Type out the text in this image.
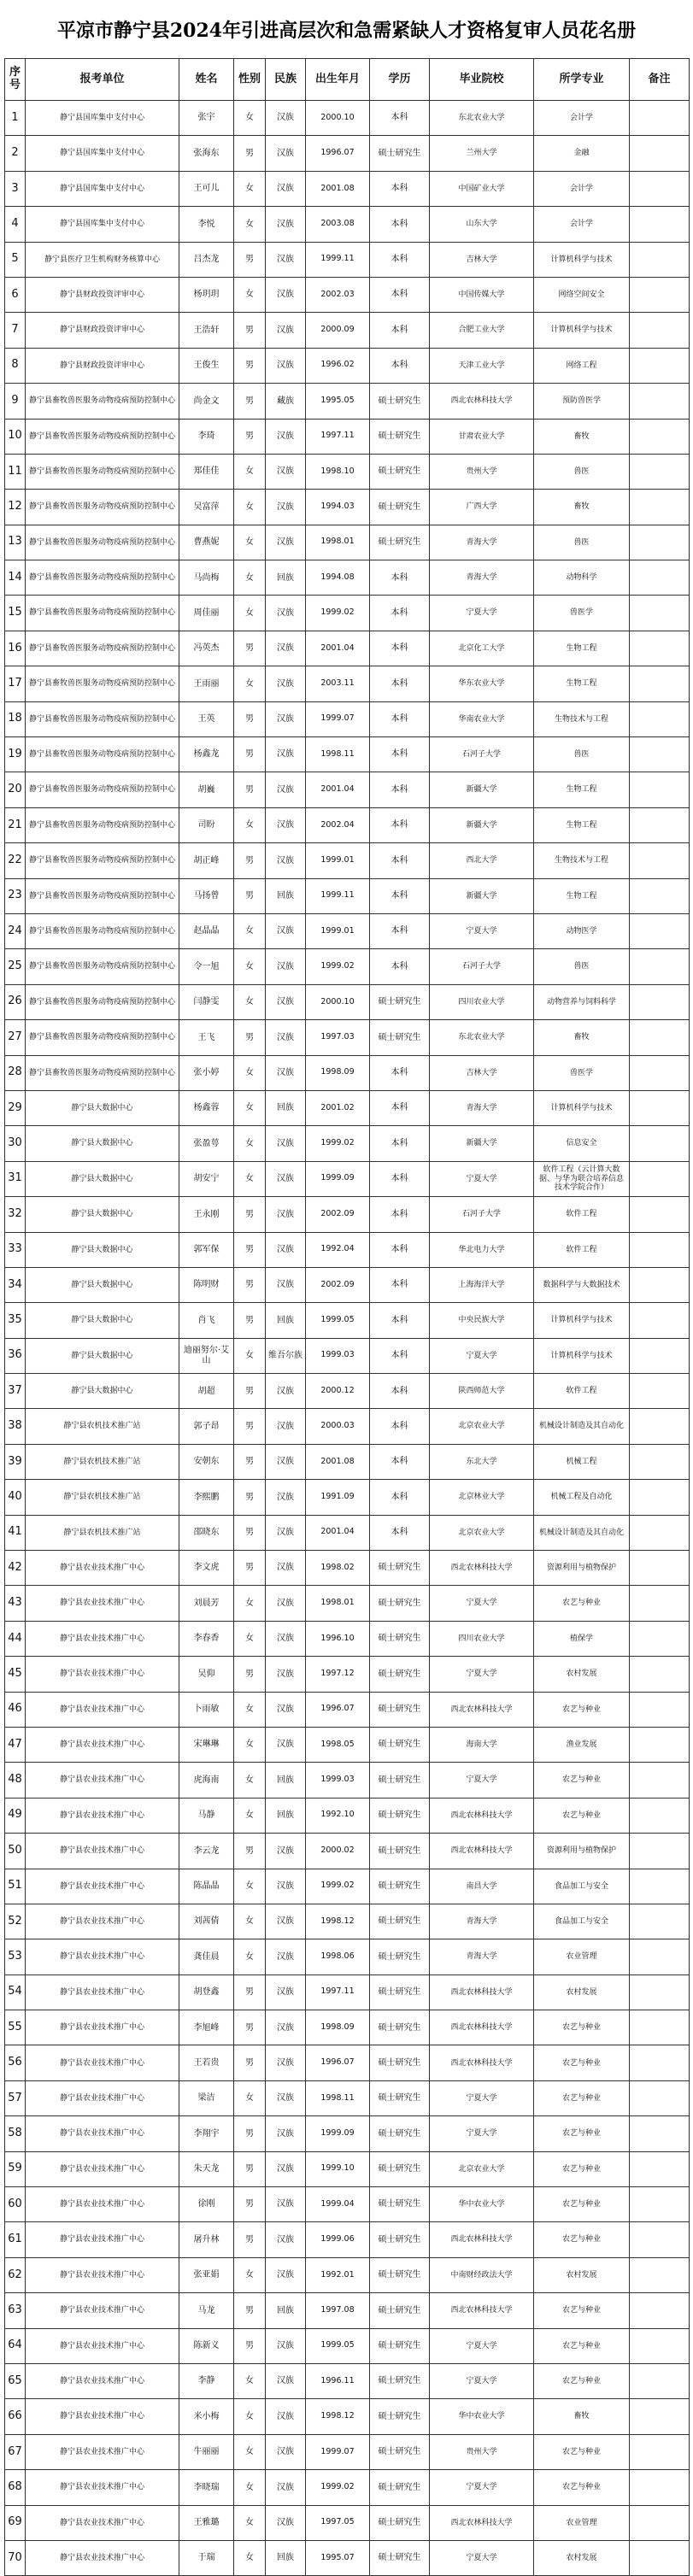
平凉市静宁县2024年引进高层次和急需紧缺人才资格复审人员花名册
序号	报考单位	姓名	性别	民族	出生年月	学历	毕业院校	所学专业	备注
1	静宁县国库集中支付中心	张宇	女	汉族	2000.10	本科	东北农业大学	会计学	
2	静宁县国库集中支付中心	张海东	男	汉族	1996.07	硕士研究生	兰州大学	金融	
3	静宁县国库集中支付中心	王可儿	女	汉族	2001.08	本科	中国矿业大学	会计学	
4	静宁县国库集中支付中心	李悦	女	汉族	2003.08	本科	山东大学	会计学	
5	静宁县医疗卫生机构财务核算中心	吕杰龙	男	汉族	1999.11	本科	吉林大学	计算机科学与技术	
6	静宁县财政投资评审中心	杨玥玥	女	汉族	2002.03	本科	中国传媒大学	网络空间安全	
7	静宁县财政投资评审中心	王浩轩	男	汉族	2000.09	本科	合肥工业大学	计算机科学与技术	
8	静宁县财政投资评审中心	王俊生	男	汉族	1996.02	本科	天津工业大学	网络工程	
9	静宁县畜牧兽医服务动物疫病预防控制中心	尚金文	男	藏族	1995.05	硕士研究生	西北农林科技大学	预防兽医学	
10	静宁县畜牧兽医服务动物疫病预防控制中心	李琦	男	汉族	1997.11	硕士研究生	甘肃农业大学	畜牧	
11	静宁县畜牧兽医服务动物疫病预防控制中心	郑佳佳	女	汉族	1998.10	硕士研究生	贵州大学	兽医	
12	静宁县畜牧兽医服务动物疫病预防控制中心	吴富萍	女	汉族	1994.03	硕士研究生	广西大学	畜牧	
13	静宁县畜牧兽医服务动物疫病预防控制中心	曹燕妮	女	汉族	1998.01	硕士研究生	青海大学	兽医	
14	静宁县畜牧兽医服务动物疫病预防控制中心	马尚梅	女	回族	1994.08	本科	青海大学	动物科学	
15	静宁县畜牧兽医服务动物疫病预防控制中心	周佳丽	女	汉族	1999.02	本科	宁夏大学	兽医学	
16	静宁县畜牧兽医服务动物疫病预防控制中心	冯英杰	男	汉族	2001.04	本科	北京化工大学	生物工程	
17	静宁县畜牧兽医服务动物疫病预防控制中心	王雨丽	女	汉族	2003.11	本科	华东农业大学	生物工程	
18	静宁县畜牧兽医服务动物疫病预防控制中心	王英	男	汉族	1999.07	本科	华南农业大学	生物技术与工程	
19	静宁县畜牧兽医服务动物疫病预防控制中心	杨鑫龙	男	汉族	1998.11	本科	石河子大学	兽医	
20	静宁县畜牧兽医服务动物疫病预防控制中心	胡巍	男	汉族	2001.04	本科	新疆大学	生物工程	
21	静宁县畜牧兽医服务动物疫病预防控制中心	司盼	女	汉族	2002.04	本科	新疆大学	生物工程	
22	静宁县畜牧兽医服务动物疫病预防控制中心	胡正峰	男	汉族	1999.01	本科	西北大学	生物技术与工程	
23	静宁县畜牧兽医服务动物疫病预防控制中心	马扬曾	男	回族	1999.11	本科	新疆大学	生物工程	
24	静宁县畜牧兽医服务动物疫病预防控制中心	赵晶晶	女	汉族	1999.01	本科	宁夏大学	动物医学	
25	静宁县畜牧兽医服务动物疫病预防控制中心	令一旭	女	汉族	1999.02	本科	石河子大学	兽医	
26	静宁县畜牧兽医服务动物疫病预防控制中心	闫静雯	女	汉族	2000.10	硕士研究生	四川农业大学	动物营养与饲料科学	
27	静宁县畜牧兽医服务动物疫病预防控制中心	王飞	男	汉族	1997.03	硕士研究生	东北农业大学	畜牧	
28	静宁县畜牧兽医服务动物疫病预防控制中心	张小婷	女	汉族	1998.09	本科	吉林大学	兽医学	
29	静宁县大数据中心	杨鑫蓉	女	回族	2001.02	本科	青海大学	计算机科学与技术	
30	静宁县大数据中心	张盈萼	女	汉族	1999.02	本科	新疆大学	信息安全	
31	静宁县大数据中心	胡安宁	女	汉族	1999.09	本科	宁夏大学	软件工程（云计算大数据、与华为联合培养信息技术学院合作）	
32	静宁县大数据中心	王永刚	男	汉族	2002.09	本科	石河子大学	软件工程	
33	静宁县大数据中心	郭军保	男	汉族	1992.04	本科	华北电力大学	软件工程	
34	静宁县大数据中心	陈明财	男	汉族	2002.09	本科	上海海洋大学	数据科学与大数据技术	
35	静宁县大数据中心	肖飞	男	回族	1999.05	本科	中央民族大学	计算机科学与技术	
36	静宁县大数据中心	迪丽努尔·艾山	女	维吾尔族	1999.03	本科	宁夏大学	计算机科学与技术	
37	静宁县大数据中心	胡超	男	汉族	2000.12	本科	陕西师范大学	软件工程	
38	静宁县农机技术推广站	郭子昂	男	汉族	2000.03	本科	北京农业大学	机械设计制造及其自动化	
39	静宁县农机技术推广站	安朝东	男	汉族	2001.08	本科	东北大学	机械工程	
40	静宁县农机技术推广站	李熙鹏	男	汉族	1991.09	本科	北京林业大学	机械工程及自动化	
41	静宁县农机技术推广站	邵晓东	男	汉族	2001.04	本科	北京农业大学	机械设计制造及其自动化	
42	静宁县农业技术推广中心	李文虎	男	汉族	1998.02	硕士研究生	西北农林科技大学	资源利用与植物保护	
43	静宁县农业技术推广中心	刘晨芳	女	汉族	1998.01	硕士研究生	宁夏大学	农艺与种业	
44	静宁县农业技术推广中心	李春香	女	汉族	1996.10	硕士研究生	四川农业大学	植保学	
45	静宁县农业技术推广中心	吴仰	男	汉族	1997.12	硕士研究生	宁夏大学	农村发展	
46	静宁县农业技术推广中心	卜雨敏	女	汉族	1996.07	硕士研究生	西北农林科技大学	农艺与种业	
47	静宁县农业技术推广中心	宋琳琳	女	汉族	1998.05	硕士研究生	海南大学	渔业发展	
48	静宁县农业技术推广中心	虎海南	女	回族	1999.03	硕士研究生	宁夏大学	农艺与种业	
49	静宁县农业技术推广中心	马静	女	回族	1992.10	硕士研究生	西北农林科技大学	农艺与种业	
50	静宁县农业技术推广中心	李云龙	男	汉族	2000.02	硕士研究生	西北农林科技大学	资源利用与植物保护	
51	静宁县农业技术推广中心	陈晶晶	女	汉族	1999.02	硕士研究生	南昌大学	食品加工与安全	
52	静宁县农业技术推广中心	刘茜倩	女	汉族	1998.12	硕士研究生	青海大学	食品加工与安全	
53	静宁县农业技术推广中心	龚佳晨	女	汉族	1998.06	硕士研究生	青海大学	农业管理	
54	静宁县农业技术推广中心	胡登鑫	男	汉族	1997.11	硕士研究生	西北农林科技大学	农村发展	
55	静宁县农业技术推广中心	李旭峰	男	汉族	1998.09	硕士研究生	西北农林科技大学	农艺与种业	
56	静宁县农业技术推广中心	王若贵	男	汉族	1996.07	硕士研究生	西北农林科技大学	农艺与种业	
57	静宁县农业技术推广中心	梁洁	女	汉族	1998.11	硕士研究生	宁夏大学	农艺与种业	
58	静宁县农业技术推广中心	李翔宇	男	汉族	1999.09	硕士研究生	宁夏大学	农艺与种业	
59	静宁县农业技术推广中心	朱天龙	男	汉族	1999.10	硕士研究生	北京农业大学	农艺与种业	
60	静宁县农业技术推广中心	徐刚	男	汉族	1999.04	硕士研究生	华中农业大学	农艺与种业	
61	静宁县农业技术推广中心	屠升林	男	汉族	1999.06	硕士研究生	西北农林科技大学	农艺与种业	
62	静宁县农业技术推广中心	张亚娟	女	汉族	1992.01	硕士研究生	中南财经政法大学	农村发展	
63	静宁县农业技术推广中心	马龙	男	回族	1997.08	硕士研究生	西北农林科技大学	农艺与种业	
64	静宁县农业技术推广中心	陈新义	男	汉族	1999.05	硕士研究生	宁夏大学	农艺与种业	
65	静宁县农业技术推广中心	李静	女	汉族	1996.11	硕士研究生	宁夏大学	农艺与种业	
66	静宁县农业技术推广中心	米小梅	女	汉族	1998.12	硕士研究生	华中农业大学	畜牧	
67	静宁县农业技术推广中心	牛丽丽	女	汉族	1999.07	硕士研究生	贵州大学	农艺与种业	
68	静宁县农业技术推广中心	李晓瑞	女	汉族	1999.02	硕士研究生	宁夏大学	农艺与种业	
69	静宁县农业技术推广中心	王雅璐	女	汉族	1997.05	硕士研究生	西北农林科技大学	农业管理	
70	静宁县农业技术推广中心	于瑞	女	回族	1995.07	硕士研究生	宁夏大学	农村发展	
